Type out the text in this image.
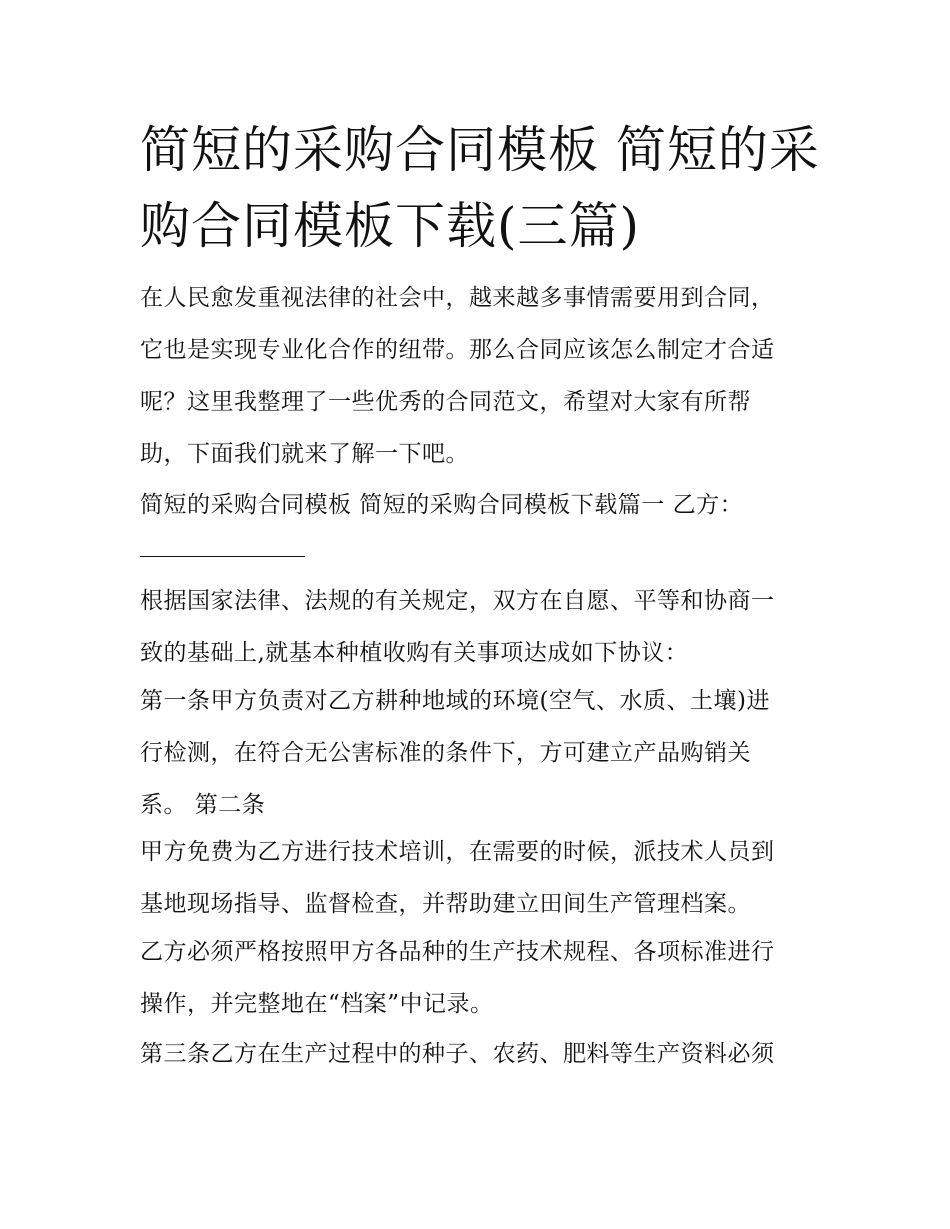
简短的采购合同模板 简短的采
购合同模板下载(三篇)
在人民愈发重视法律的社会中，越来越多事情需要用到合同，
它也是实现专业化合作的纽带。那么合同应该怎么制定才合适
呢？这里我整理了一些优秀的合同范文，希望对大家有所帮
助，下面我们就来了解一下吧。
简短的采购合同模板 简短的采购合同模板下载篇一 乙方：
根据国家法律、法规的有关规定，双方在自愿、平等和协商一
致的基础上,就基本种植收购有关事项达成如下协议：
第一条甲方负责对乙方耕种地域的环境(空气、水质、土壤)进
行检测，在符合无公害标准的条件下，方可建立产品购销关
系。 第二条
甲方免费为乙方进行技术培训，在需要的时候，派技术人员到
基地现场指导、监督检查，并帮助建立田间生产管理档案。
乙方必须严格按照甲方各品种的生产技术规程、各项标准进行
操作，并完整地在“档案”中记录。
第三条乙方在生产过程中的种子、农药、肥料等生产资料必须
